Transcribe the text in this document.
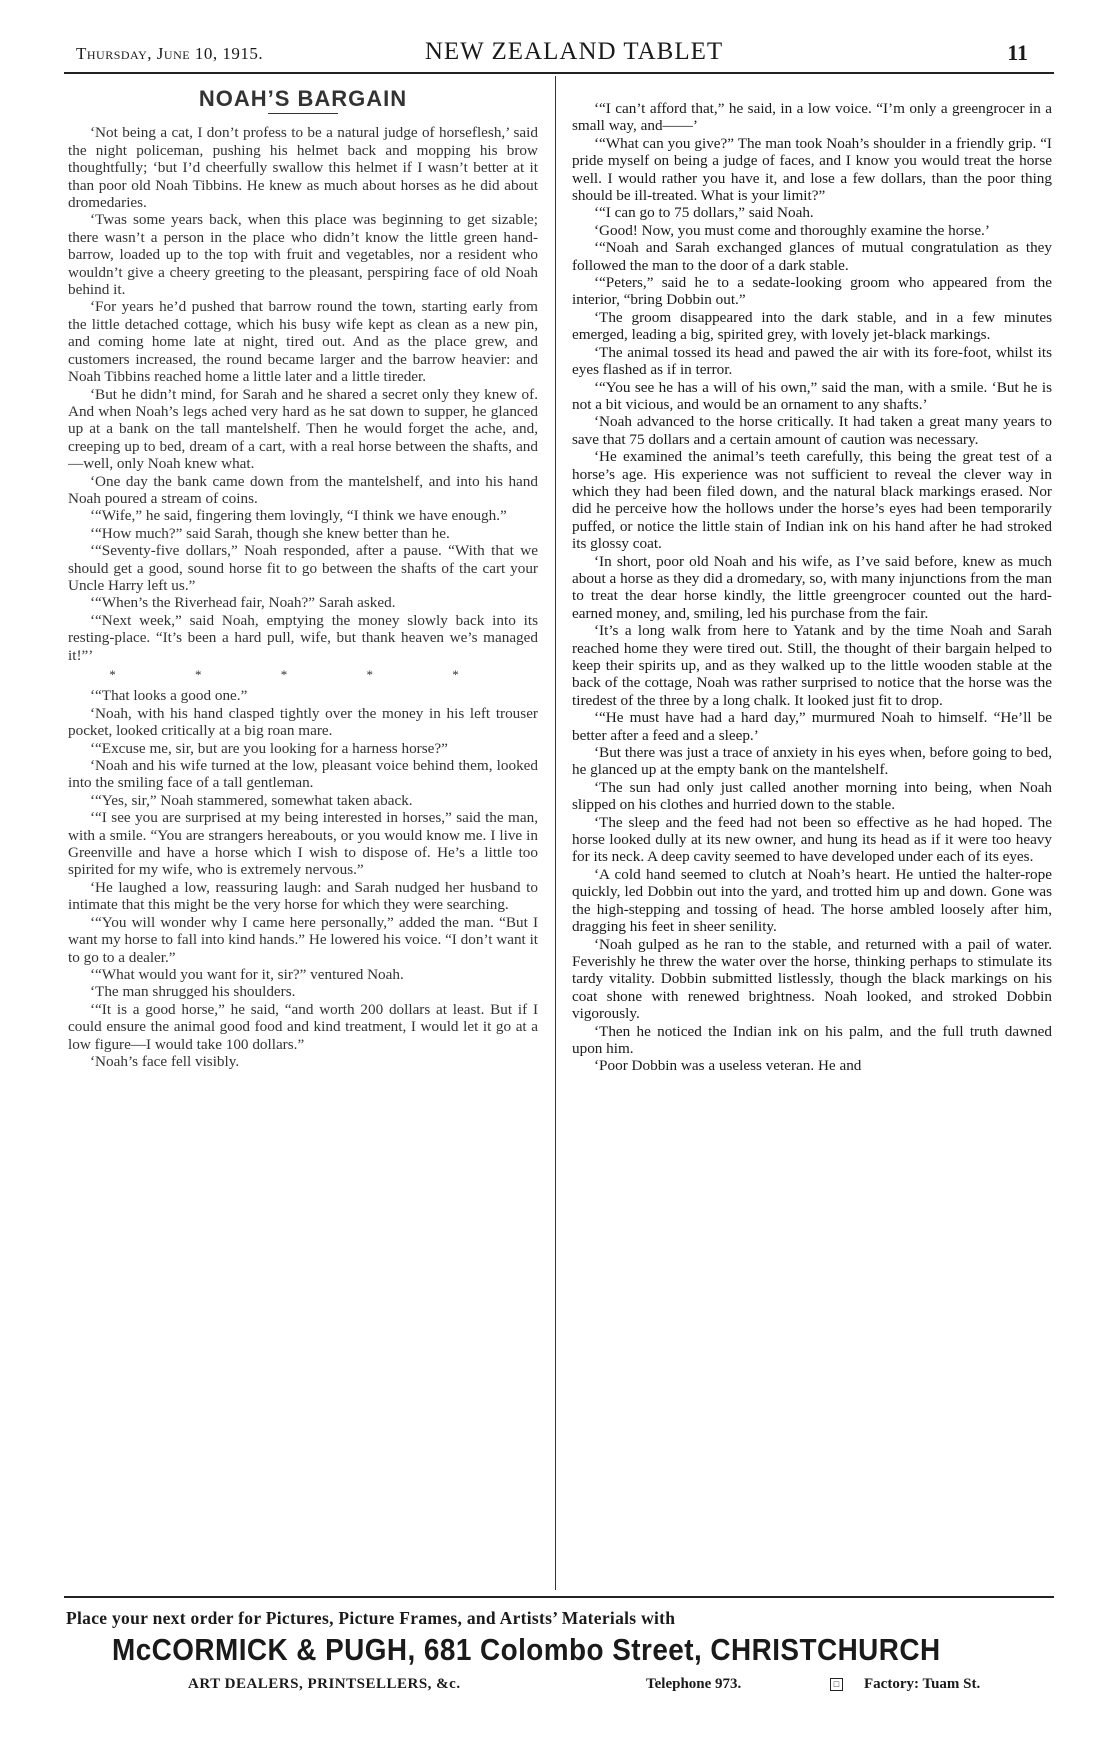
Thursday, June 10, 1915.	NEW ZEALAND TABLET	11
NOAH’S BARGAIN

‘Not being a cat, I don’t profess to be a natural judge of horseflesh,’ said the night policeman, pushing his helmet back and mopping his brow thoughtfully; ‘but I’d cheerfully swallow this helmet if I wasn’t better at it than poor old Noah Tibbins. He knew as much about horses as he did about dromedaries.

‘Twas some years back, when this place was beginning to get sizable; there wasn’t a person in the place who didn’t know the little green hand-barrow, loaded up to the top with fruit and vegetables, nor a resident who wouldn’t give a cheery greeting to the pleasant, perspiring face of old Noah behind it.

‘For years he’d pushed that barrow round the town, starting early from the little detached cottage, which his busy wife kept as clean as a new pin, and coming home late at night, tired out. And as the place grew, and customers increased, the round became larger and the barrow heavier: and Noah Tibbins reached home a little later and a little tireder.

‘But he didn’t mind, for Sarah and he shared a secret only they knew of. And when Noah’s legs ached very hard as he sat down to supper, he glanced up at a bank on the tall mantelshelf. Then he would forget the ache, and, creeping up to bed, dream of a cart, with a real horse between the shafts, and—well, only Noah knew what.

‘One day the bank came down from the mantelshelf, and into his hand Noah poured a stream of coins.

‘“Wife,” he said, fingering them lovingly, “I think we have enough.”

‘“How much?” said Sarah, though she knew better than he.

‘“Seventy-five dollars,” Noah responded, after a pause. “With that we should get a good, sound horse fit to go between the shafts of the cart your Uncle Harry left us.”

‘“When’s the Riverhead fair, Noah?” Sarah asked.

‘“Next week,” said Noah, emptying the money slowly back into its resting-place. “It’s been a hard pull, wife, but thank heaven we’s managed it!”’

* * * * *

‘“That looks a good one.”

‘Noah, with his hand clasped tightly over the money in his left trouser pocket, looked critically at a big roan mare.

‘“Excuse me, sir, but are you looking for a harness horse?”

‘Noah and his wife turned at the low, pleasant voice behind them, looked into the smiling face of a tall gentleman.

‘“Yes, sir,” Noah stammered, somewhat taken aback.

‘“I see you are surprised at my being interested in horses,” said the man, with a smile. “You are strangers hereabouts, or you would know me. I live in Greenville and have a horse which I wish to dispose of. He’s a little too spirited for my wife, who is extremely nervous.”

‘He laughed a low, reassuring laugh: and Sarah nudged her husband to intimate that this might be the very horse for which they were searching.

‘“You will wonder why I came here personally,” added the man. “But I want my horse to fall into kind hands.” He lowered his voice. “I don’t want it to go to a dealer.”

‘“What would you want for it, sir?” ventured Noah.

‘The man shrugged his shoulders.

‘“It is a good horse,” he said, “and worth 200 dollars at least. But if I could ensure the animal good food and kind treatment, I would let it go at a low figure—I would take 100 dollars.”

‘Noah’s face fell visibly.

‘“I can’t afford that,” he said, in a low voice. “I’m only a greengrocer in a small way, and——’

‘“What can you give?” The man took Noah’s shoulder in a friendly grip. “I pride myself on being a judge of faces, and I know you would treat the horse well. I would rather you have it, and lose a few dollars, than the poor thing should be ill-treated. What is your limit?”

‘“I can go to 75 dollars,” said Noah.

‘Good! Now, you must come and thoroughly examine the horse.’

‘“Noah and Sarah exchanged glances of mutual congratulation as they followed the man to the door of a dark stable.

‘“Peters,” said he to a sedate-looking groom who appeared from the interior, “bring Dobbin out.”

‘The groom disappeared into the dark stable, and in a few minutes emerged, leading a big, spirited grey, with lovely jet-black markings.

‘The animal tossed its head and pawed the air with its fore-foot, whilst its eyes flashed as if in terror.

‘“You see he has a will of his own,” said the man, with a smile. ‘But he is not a bit vicious, and would be an ornament to any shafts.’

‘Noah advanced to the horse critically. It had taken a great many years to save that 75 dollars and a certain amount of caution was necessary.

‘He examined the animal’s teeth carefully, this being the great test of a horse’s age. His experience was not sufficient to reveal the clever way in which they had been filed down, and the natural black markings erased. Nor did he perceive how the hollows under the horse’s eyes had been temporarily puffed, or notice the little stain of Indian ink on his hand after he had stroked its glossy coat.

‘In short, poor old Noah and his wife, as I’ve said before, knew as much about a horse as they did a dromedary, so, with many injunctions from the man to treat the dear horse kindly, the little greengrocer counted out the hard-earned money, and, smiling, led his purchase from the fair.

‘It’s a long walk from here to Yatank and by the time Noah and Sarah reached home they were tired out. Still, the thought of their bargain helped to keep their spirits up, and as they walked up to the little wooden stable at the back of the cottage, Noah was rather surprised to notice that the horse was the tiredest of the three by a long chalk. It looked just fit to drop.

‘“He must have had a hard day,” murmured Noah to himself. “He’ll be better after a feed and a sleep.’

‘But there was just a trace of anxiety in his eyes when, before going to bed, he glanced up at the empty bank on the mantelshelf.

‘The sun had only just called another morning into being, when Noah slipped on his clothes and hurried down to the stable.

‘The sleep and the feed had not been so effective as he had hoped. The horse looked dully at its new owner, and hung its head as if it were too heavy for its neck. A deep cavity seemed to have developed under each of its eyes.

‘A cold hand seemed to clutch at Noah’s heart. He untied the halter-rope quickly, led Dobbin out into the yard, and trotted him up and down. Gone was the high-stepping and tossing of head. The horse ambled loosely after him, dragging his feet in sheer senility.

‘Noah gulped as he ran to the stable, and returned with a pail of water. Feverishly he threw the water over the horse, thinking perhaps to stimulate its tardy vitality. Dobbin submitted listlessly, though the black markings on his coat shone with renewed brightness. Noah looked, and stroked Dobbin vigorously.

‘Then he noticed the Indian ink on his palm, and the full truth dawned upon him.

‘Poor Dobbin was a useless veteran. He and

Place your next order for Pictures, Picture Frames, and Artists’ Materials with
McCORMICK & PUGH, 681 Colombo Street, CHRISTCHURCH
ART DEALERS, PRINTSELLERS, &c.	Telephone 973.	□ Factory: Tuam St.
